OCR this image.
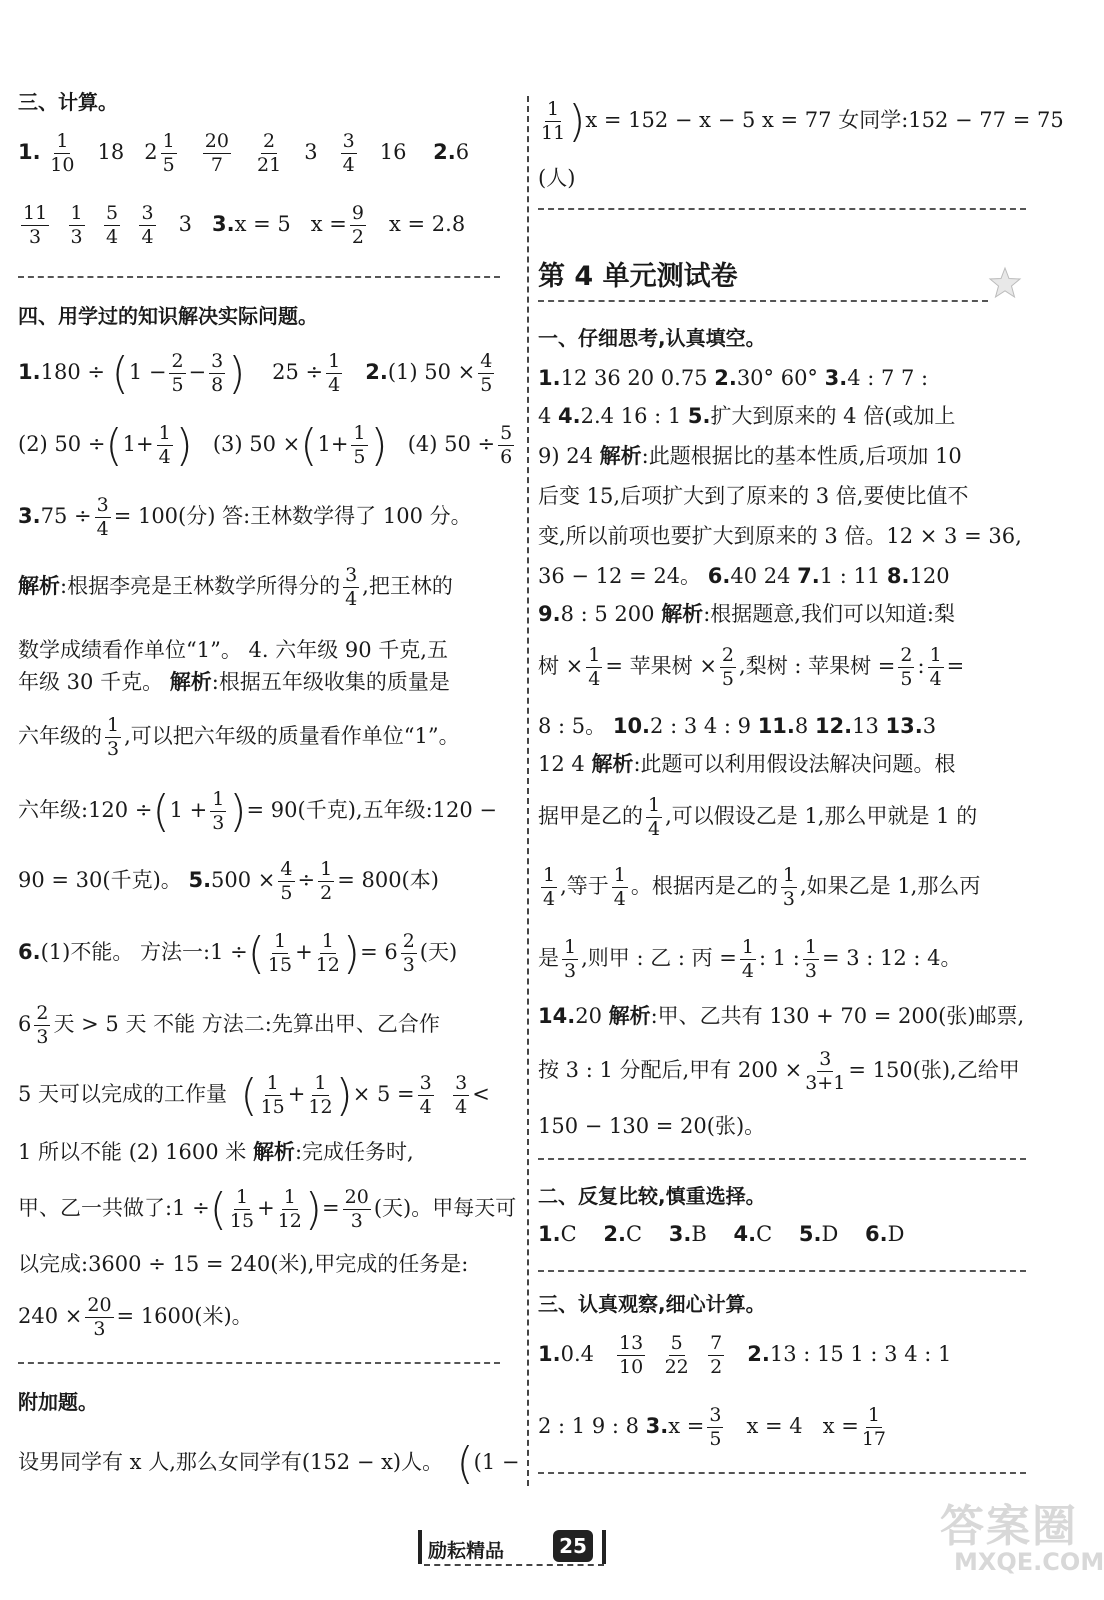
三、计算。
1. $\frac{1}{10} 18$ $2 \frac{1}{5}$
$\frac{20}{7}$
$\frac{2}{21} 3 \frac{3}{4} 16$ 2.6
$\frac{11}{3}$
$\frac{1}{3}$
$\frac{5}{4}$
$\frac{3}{4} 3$ 3.x = 5 $x = \frac{9}{2}$ x = 2.8
四、用学过的知识解决实际问题。
$1.180 \div (1 - \frac{2}{5} - \frac{3}{8}$ ) $25 \div \frac{1}{4} 2.(1) 50 \times \frac{4}{5}$
(2) $50 \div(1+ \frac{1}{4}$ ) (3) $50 \times(1+ \frac{1}{5}$ ) (4) $50 \div \frac{5}{6}$
$3.75 \div \frac{3}{4} = 100$(分) 答:王林数学得了 100 分。
解析:根据李亮是王林数学所得分的 $\frac{3}{4}$ ,把王林的
数学成绩看作单位“1”。 4. 六年级 90 千克,五
年级 30 千克。 解析:根据五年级收集的质量是
六年级的 $\frac{1}{3}$ ,可以把六年级的质量看作单位“1”。
六年级:120 $\div(1 + \frac{1}{3}$ )= 90(千克),五年级:120 −
90 = 30(千克)。 $5.500 \times \frac{4}{5} \div \frac{1}{2} = 800$(本)
6.(1)不能。 方法一:1 ÷( $\frac{1}{15} + \frac{1}{12}$ )= $6 \frac{2}{3}$ (天)
$6 \frac{2}{3}$ 天 > 5 天 不能 方法二:先算出甲、乙合作
5 天可以完成的工作量 ( $\frac{1}{15} + \frac{1}{12}$ )× $5 = \frac{3}{4}$
$\frac{3}{4}$ <
1 所以不能 (2) 1600 米 解析:完成任务时,
甲、乙一共做了:1 ÷( $\frac{1}{15} + \frac{1}{12}$ )= $\frac{20}{3}$ (天)。甲每天可
以完成:3600 ÷ 15 = 240(米),甲完成的任务是:
$240 \times \frac{20}{3} = 1600$(米)。
附加题。
设男同学有 x 人,那么女同学有(152 − x)人。 ((1 −
$\frac{1}{11} )x = 152 - x - 5$ x = 77 女同学:152 − 77 = 75
(人)
第 4 单元测试卷
一、仔细思考,认真填空。
1.12 36 20 0.75 2.30° 60° 3.4 : 7 7 :
4 4.2.4 16 : 1 5.扩大到原来的 4 倍(或加上
9) 24 解析:此题根据比的基本性质,后项加 10
后变 15,后项扩大到了原来的 3 倍,要使比值不
变,所以前项也要扩大到原来的 3 倍。12 × 3 = 36,
36 − 12 = 24。 6.40 24 7.1 : 11 8.120
9.8 : 5 200 解析:根据题意,我们可以知道:梨
树 × $\frac{1}{4}$ = 苹果树 × $\frac{2}{5}$ ,梨树 : 苹果树 = $\frac{2}{5}$ : $\frac{1}{4}$ =
8 : 5。 10.2 : 3 4 : 9 11.8 12.13 13.3
12 4 解析:此题可以利用假设法解决问题。根
据甲是乙的 $\frac{1}{4}$ ,可以假设乙是 1,那么甲就是 1 的
$\frac{1}{4}$ ,等于 $\frac{1}{4}$ 。根据丙是乙的 $\frac{1}{3}$ ,如果乙是 1,那么丙
是 $\frac{1}{3}$ ,则甲 : 乙 : 丙 = $\frac{1}{4}$ : 1 : $\frac{1}{3} = 3$ : 12 : 4。
14.20 解析:甲、乙共有 130 + 70 = 200(张)邮票,
按 3 : 1 分配后,甲有 $200 \times \frac{3}{3+1} = 150$(张),乙给甲
150 − 130 = 20(张)。
二、反复比较,慎重选择。
1.C 2.C 3.B 4.C 5.D 6.D
三、认真观察,细心计算。
$1.0.4 \frac{13}{10}$
$\frac{5}{22}$
$\frac{7}{2} 2.13$ : 15 1 : 3 4 : 1
2 : 1 9 : 8 $3.x = \frac{3}{5}$ x = 4 $x = \frac{1}{17}$
励耘精品	25	答案圈
MXQE.COM
